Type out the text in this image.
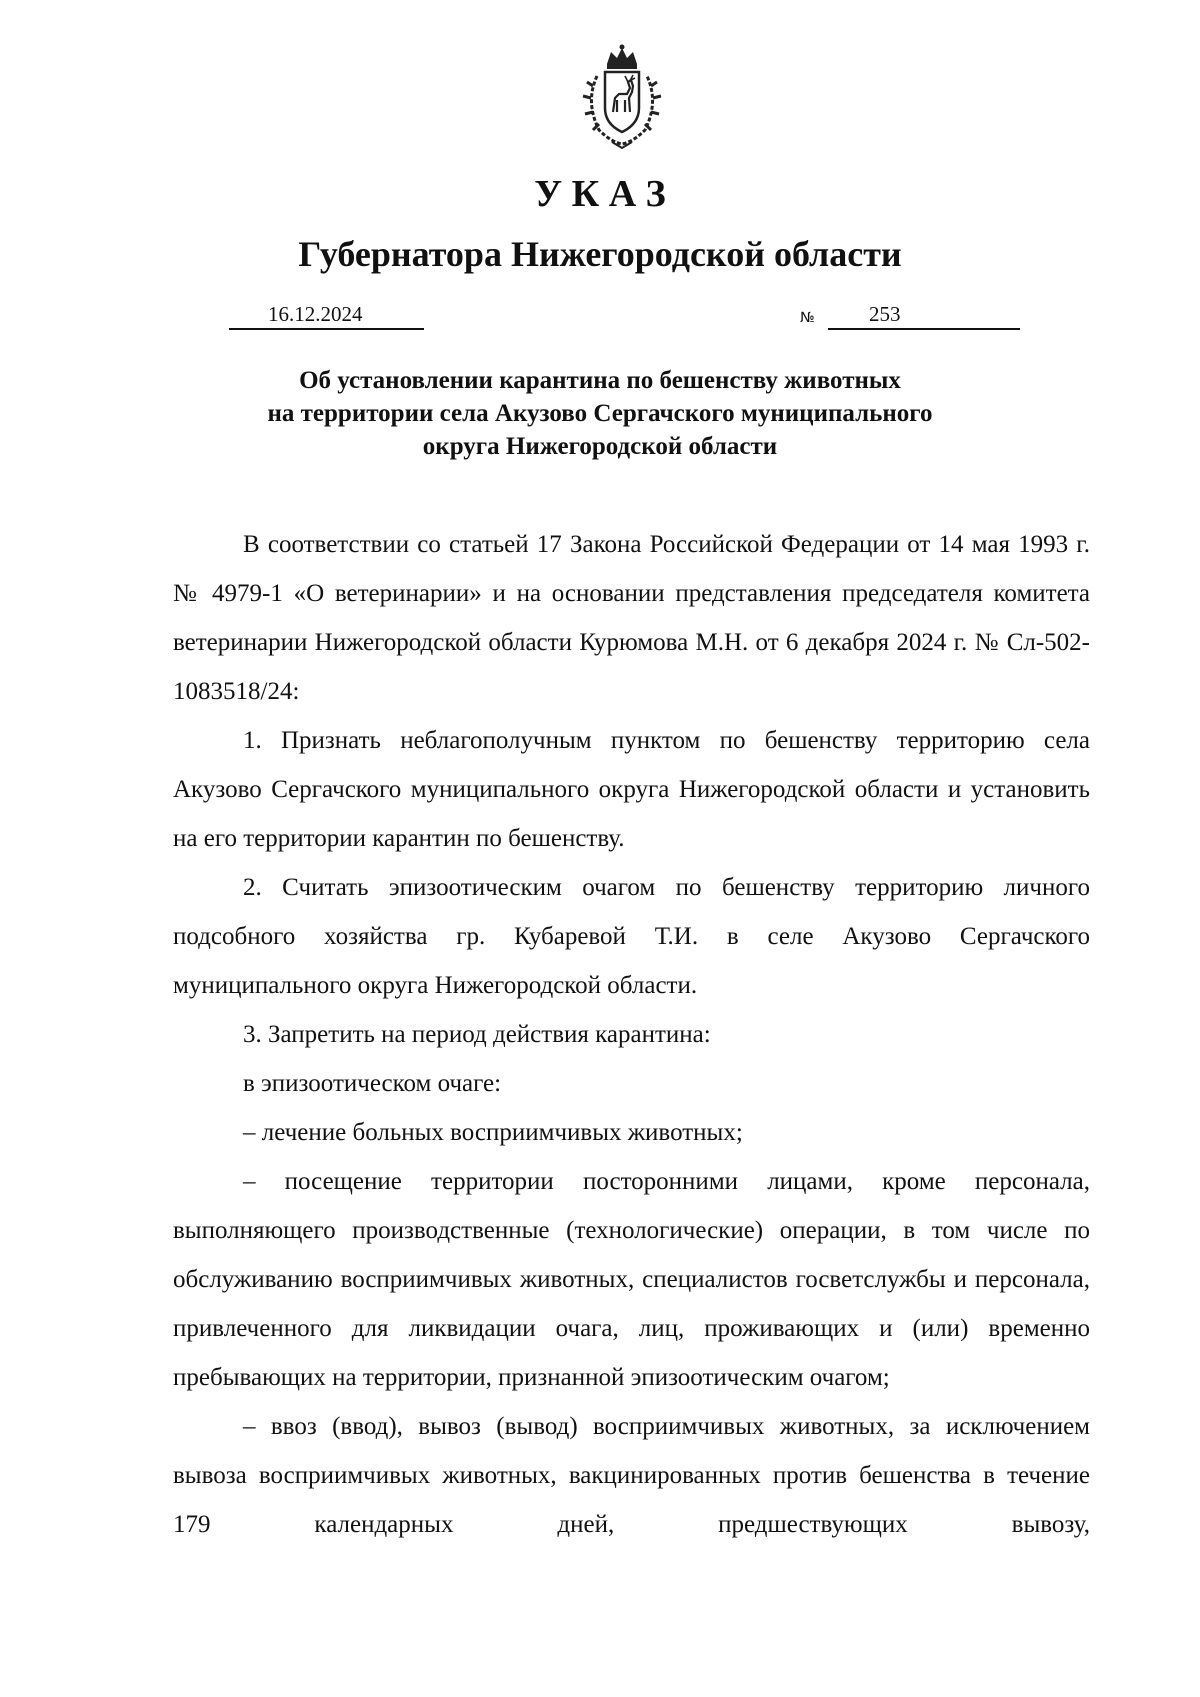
У К А З
Губернатора Нижегородской области
16.12.2024	№	253
Об установлении карантина по бешенству животных
на территории села Акузово Сергачского муниципального
округа Нижегородской области

В соответствии со статьей 17 Закона Российской Федерации от 14 мая 1993 г. № 4979-1 «О ветеринарии» и на основании представления председателя комитета ветеринарии Нижегородской области Курюмова М.Н. от 6 декабря 2024 г. № Сл-502-1083518/24:

1. Признать неблагополучным пунктом по бешенству территорию села Акузово Сергачского муниципального округа Нижегородской области и установить на его территории карантин по бешенству.

2. Считать эпизоотическим очагом по бешенству территорию личного подсобного хозяйства гр. Кубаревой Т.И. в селе Акузово Сергачского муниципального округа Нижегородской области.

3. Запретить на период действия карантина:

в эпизоотическом очаге:

– лечение больных восприимчивых животных;

– посещение территории посторонними лицами, кроме персонала, выполняющего производственные (технологические) операции, в том числе по обслуживанию восприимчивых животных, специалистов госветслужбы и персонала, привлеченного для ликвидации очага, лиц, проживающих и (или) временно пребывающих на территории, признанной эпизоотическим очагом;

– ввоз (ввод), вывоз (вывод) восприимчивых животных, за исключением вывоза восприимчивых животных, вакцинированных против бешенства в течение 179 календарных дней, предшествующих вывозу,
